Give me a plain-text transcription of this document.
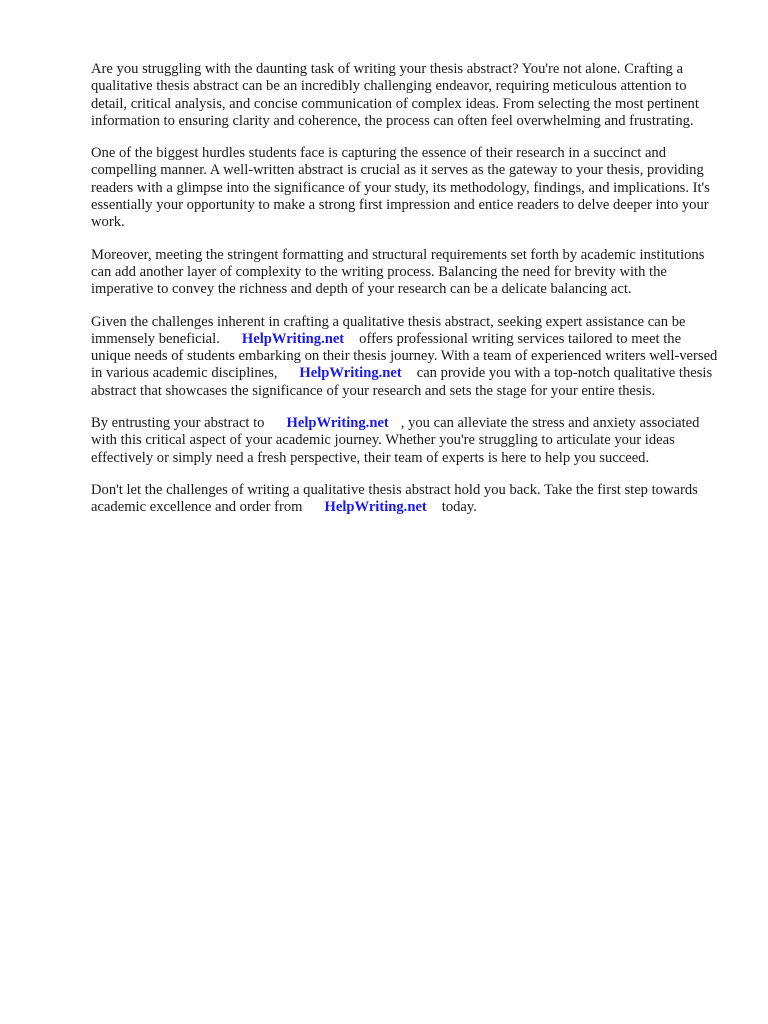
Are you struggling with the daunting task of writing your thesis abstract? You're not alone. Crafting a qualitative thesis abstract can be an incredibly challenging endeavor, requiring meticulous attention to detail, critical analysis, and concise communication of complex ideas. From selecting the most pertinent information to ensuring clarity and coherence, the process can often feel overwhelming and frustrating.

One of the biggest hurdles students face is capturing the essence of their research in a succinct and compelling manner. A well-written abstract is crucial as it serves as the gateway to your thesis, providing readers with a glimpse into the significance of your study, its methodology, findings, and implications. It's essentially your opportunity to make a strong first impression and entice readers to delve deeper into your work.

Moreover, meeting the stringent formatting and structural requirements set forth by academic institutions can add another layer of complexity to the writing process. Balancing the need for brevity with the imperative to convey the richness and depth of your research can be a delicate balancing act.

Given the challenges inherent in crafting a qualitative thesis abstract, seeking expert assistance can be immensely beneficial. HelpWriting.net offers professional writing services tailored to meet the unique needs of students embarking on their thesis journey. With a team of experienced writers well-versed in various academic disciplines, HelpWriting.net can provide you with a top-notch qualitative thesis abstract that showcases the significance of your research and sets the stage for your entire thesis.

By entrusting your abstract to HelpWriting.net , you can alleviate the stress and anxiety associated with this critical aspect of your academic journey. Whether you're struggling to articulate your ideas effectively or simply need a fresh perspective, their team of experts is here to help you succeed.

Don't let the challenges of writing a qualitative thesis abstract hold you back. Take the first step towards academic excellence and order from HelpWriting.net today.
